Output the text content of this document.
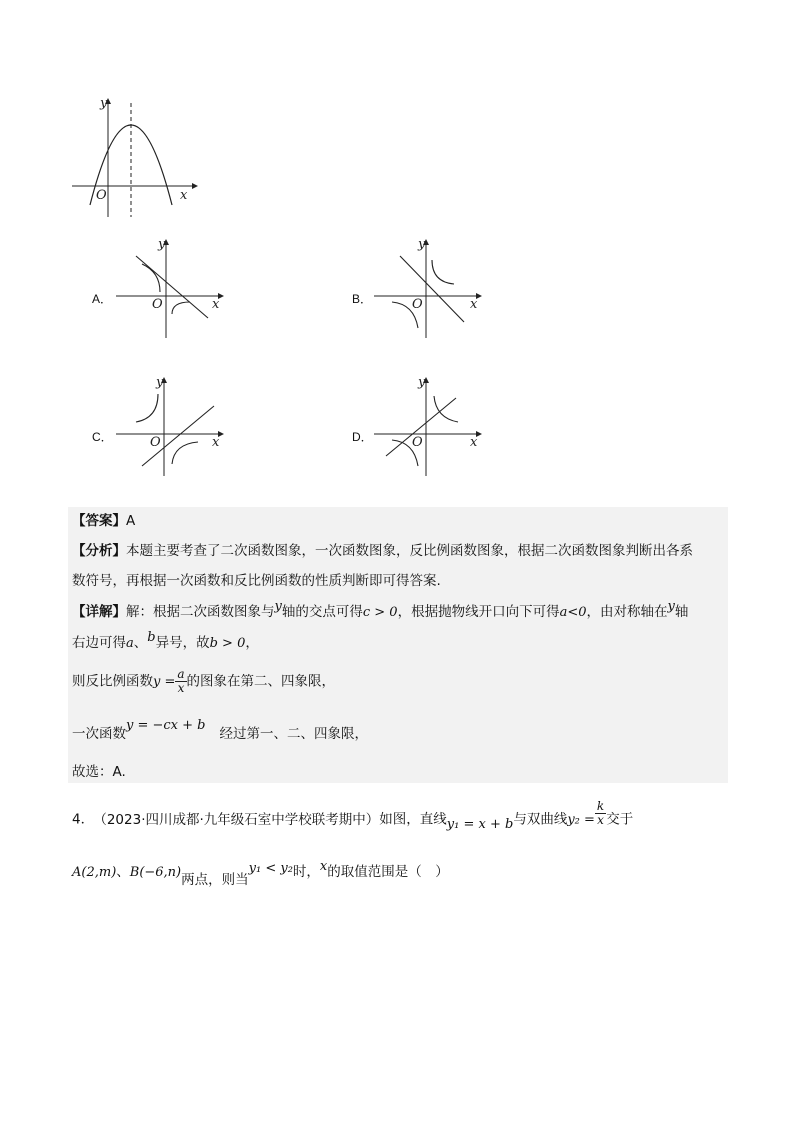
y
x
O
A．
y
x
O	B．
y
x
O
C．
y
x
O	D．
y
x
O
【答案】A
【分析】本题主要考查了二次函数图象，一次函数图象，反比例函数图象，根据二次函数图象判断出各系
数符号，再根据一次函数和反比例函数的性质判断即可得答案.
【详解】解：根据二次函数图象与y轴的交点可得c > 0，根据抛物线开口向下可得a<0，由对称轴在y轴
右边可得a、b异号，故b > 0，
则反比例函数$y = \frac{a}{x}$ 的图象在第二、四象限，
一次函数y = −cx + b经过第一、二、四象限，
故选：A.
4． （2023·四川成都·九年级石室中学校联考期中）如图，直线y₁ = x + b与双曲线$y_2 = \frac{k}{x}$ 交于
A(2,m)、B(−6,n)两点，则当y₁ < y₂时，x的取值范围是（　）
